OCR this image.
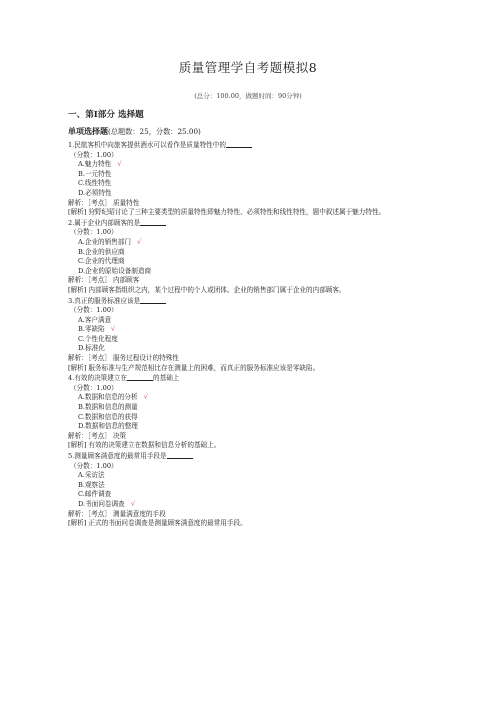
质量管理学自考题模拟8
(总分：100.00，做题时间：90分钟)
一、第Ⅰ部分 选择题
单项选择题(总题数：25，分数：25.00)
1.民航客机中向旅客提供酒水可以看作是质量特性中的
（分数：1.00）
A.魅力特性 √
B.一元特性
C.线性特性
D.必须特性
解析：［考点］ 质量特性
[解析] 狩野纪昭讨论了三种主要类型的质量特性即魅力特性、必须特性和线性特性，题中叙述属于魅力特性。
2.属于企业内部顾客的是
（分数：1.00）
A.企业的销售部门 √
B.企业的供应商
C.企业的代理商
D.企业的原始设备制造商
解析：［考点］ 内部顾客
[解析] 内部顾客指组织之内，某个过程中的个人或团体。企业的销售部门属于企业的内部顾客。
3.真正的服务标准应该是
（分数：1.00）
A.客户满意
B.零缺陷 √
C.个性化程度
D.标准化
解析：［考点］ 服务过程设计的特殊性
[解析] 服务标准与生产规范相比存在测量上的困难，而真正的服务标准应该是零缺陷。
4.有效的决策建立在	的基础上
（分数：1.00）
A.数据和信息的分析 √
B.数据和信息的测量
C.数据和信息的获得
D.数据和信息的整理
解析：［考点］ 决策
[解析] 有效的决策建立在数据和信息分析的基础上。
5.测量顾客满意度的最常用手段是
（分数：1.00）
A.采访法
B.观察法
C.邮件调查
D.书面问卷调查 √
解析：［考点］ 测量满意度的手段
[解析] 正式的书面问卷调查是测量顾客满意度的最常用手段。
